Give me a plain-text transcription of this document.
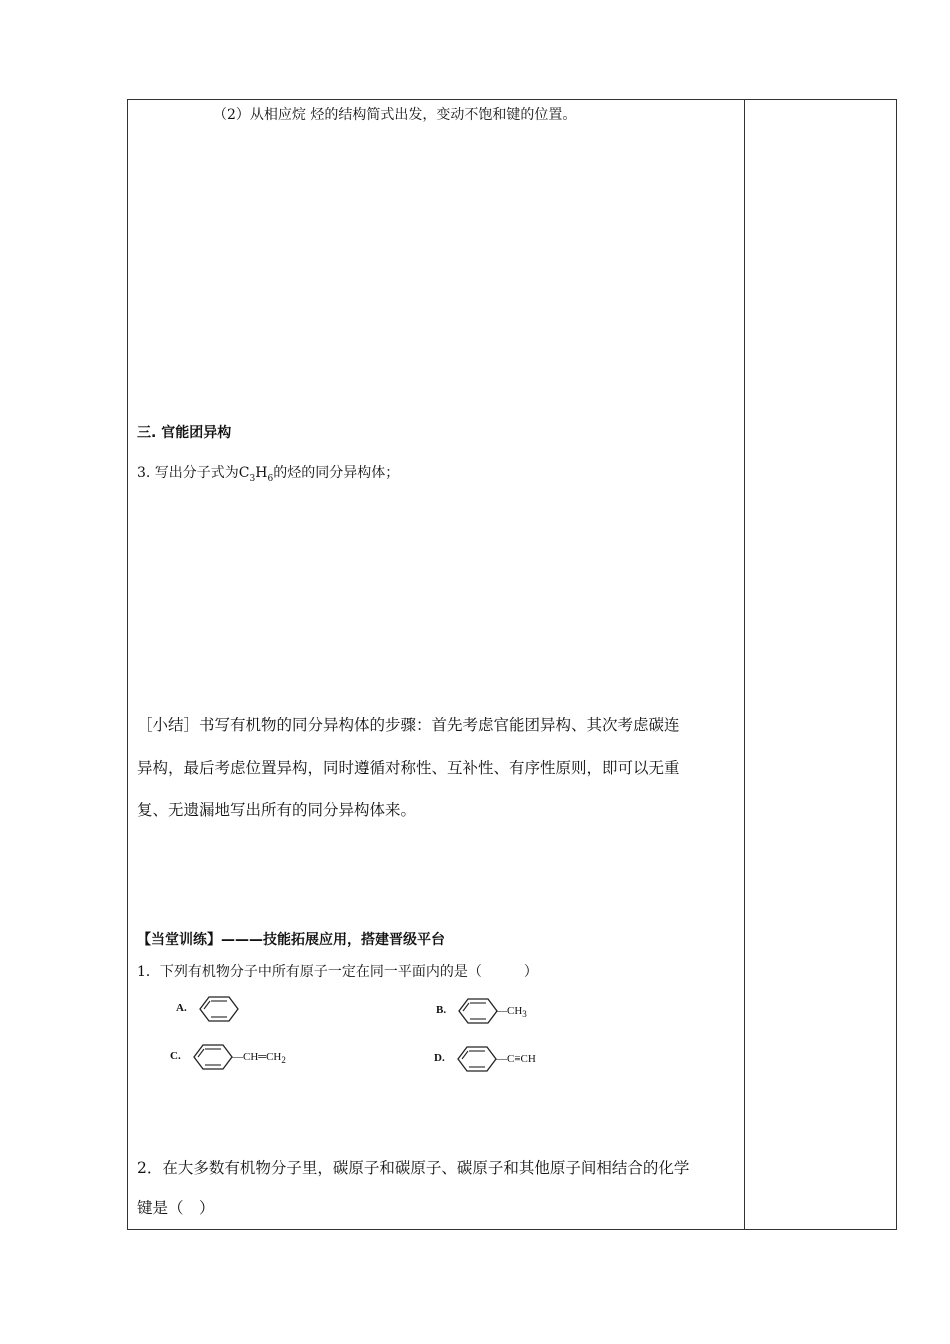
（2）从相应烷 烃的结构简式出发，变动不饱和键的位置。
三. 官能团异构
3. 写出分子式为$C_3H_6$的烃的同分异构体；
［小结］书写有机物的同分异构体的步骤：首先考虑官能团异构、其次考虑碳连
异构，最后考虑位置异构，同时遵循对称性、互补性、有序性原则，即可以无重
复、无遗漏地写出所有的同分异构体来。
【当堂训练】———技能拓展应用，搭建晋级平台
1．下列有机物分子中所有原子一定在同一平面内的是（　　　）
A.	B.	$—CH_3$
C.	$—CH═CH_2$	D.	—C≡CH
2．在大多数有机物分子里，碳原子和碳原子、碳原子和其他原子间相结合的化学
键是（　）
